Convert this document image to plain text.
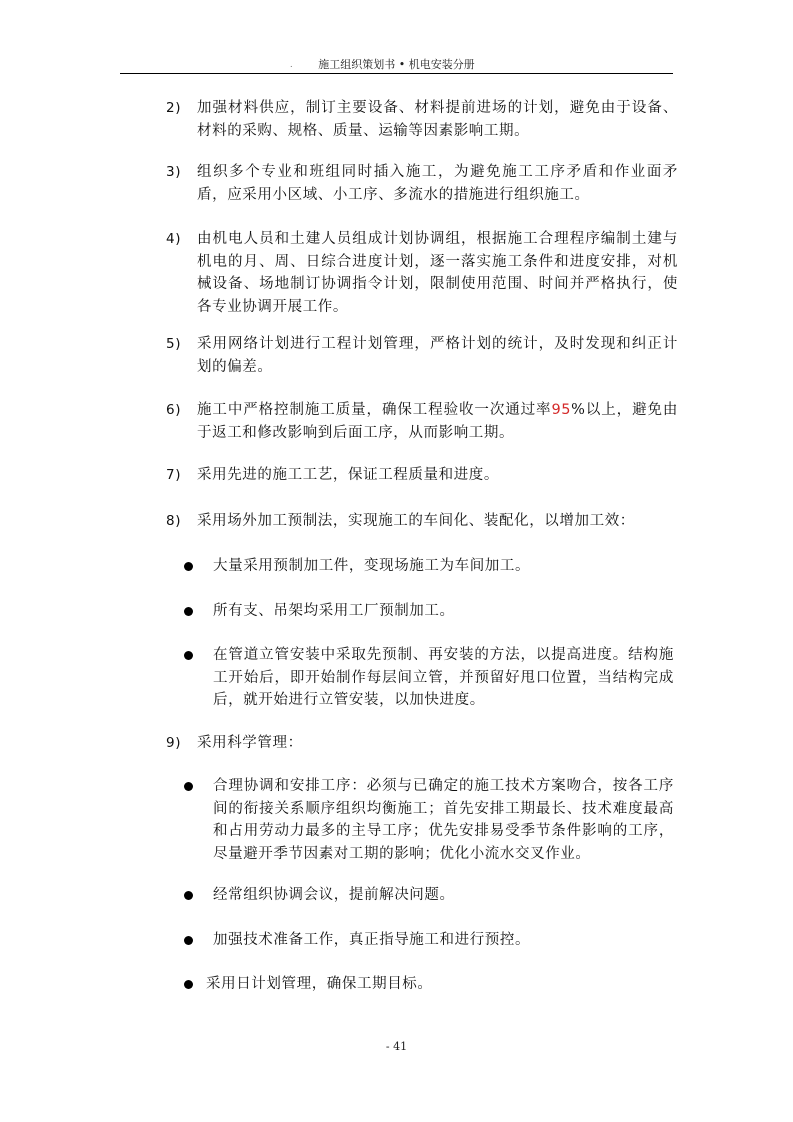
.	施工组织策划书 • 机电安装分册
2)	加强材料供应，制订主要设备、材料提前进场的计划，避免由于设备、材料的采购、规格、质量、运输等因素影响工期。
3)	组织多个专业和班组同时插入施工，为避免施工工序矛盾和作业面矛盾，应采用小区域、小工序、多流水的措施进行组织施工。
4)	由机电人员和土建人员组成计划协调组，根据施工合理程序编制土建与机电的月、周、日综合进度计划，逐一落实施工条件和进度安排，对机械设备、场地制订协调指令计划，限制使用范围、时间并严格执行，使各专业协调开展工作。
5)	采用网络计划进行工程计划管理，严格计划的统计，及时发现和纠正计划的偏差。
6)	施工中严格控制施工质量，确保工程验收一次通过率95%以上，避免由于返工和修改影响到后面工序，从而影响工期。
7)	采用先进的施工工艺，保证工程质量和进度。
8)	采用场外加工预制法，实现施工的车间化、装配化，以增加工效：
大量采用预制加工件，变现场施工为车间加工。
所有支、吊架均采用工厂预制加工。
在管道立管安装中采取先预制、再安装的方法，以提高进度。结构施工开始后，即开始制作每层间立管，并预留好甩口位置，当结构完成后，就开始进行立管安装，以加快进度。
9)	采用科学管理：
合理协调和安排工序：必须与已确定的施工技术方案吻合，按各工序间的衔接关系顺序组织均衡施工；首先安排工期最长、技术难度最高和占用劳动力最多的主导工序；优先安排易受季节条件影响的工序，尽量避开季节因素对工期的影响；优化小流水交叉作业。
经常组织协调会议，提前解决问题。
加强技术准备工作，真正指导施工和进行预控。
采用日计划管理，确保工期目标。
- 41
